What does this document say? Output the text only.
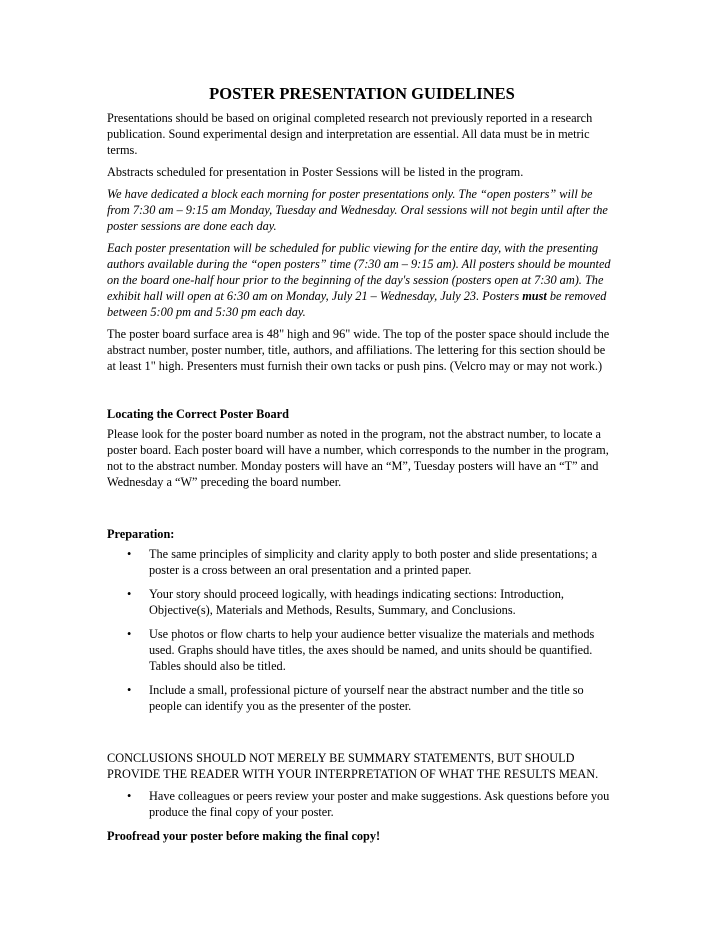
POSTER PRESENTATION GUIDELINES

Presentations should be based on original completed research not previously reported in a research publication. Sound experimental design and interpretation are essential. All data must be in metric terms.

Abstracts scheduled for presentation in Poster Sessions will be listed in the program.

We have dedicated a block each morning for poster presentations only. The “open posters” will be from 7:30 am – 9:15 am Monday, Tuesday and Wednesday. Oral sessions will not begin until after the poster sessions are done each day.

Each poster presentation will be scheduled for public viewing for the entire day, with the presenting authors available during the “open posters” time (7:30 am – 9:15 am). All posters should be mounted on the board one-half hour prior to the beginning of the day's session (posters open at 7:30 am). The exhibit hall will open at 6:30 am on Monday, July 21 – Wednesday, July 23. Posters must be removed between 5:00 pm and 5:30 pm each day.

The poster board surface area is 48" high and 96" wide. The top of the poster space should include the abstract number, poster number, title, authors, and affiliations. The lettering for this section should be at least 1" high. Presenters must furnish their own tacks or push pins. (Velcro may or may not work.)

Locating the Correct Poster Board

Please look for the poster board number as noted in the program, not the abstract number, to locate a poster board. Each poster board will have a number, which corresponds to the number in the program, not to the abstract number. Monday posters will have an “M”, Tuesday posters will have an “T” and Wednesday a “W” preceding the board number.

Preparation:

• The same principles of simplicity and clarity apply to both poster and slide presentations; a poster is a cross between an oral presentation and a printed paper.
• Your story should proceed logically, with headings indicating sections: Introduction, Objective(s), Materials and Methods, Results, Summary, and Conclusions.
• Use photos or flow charts to help your audience better visualize the materials and methods used. Graphs should have titles, the axes should be named, and units should be quantified. Tables should also be titled.
• Include a small, professional picture of yourself near the abstract number and the title so people can identify you as the presenter of the poster.

CONCLUSIONS SHOULD NOT MERELY BE SUMMARY STATEMENTS, BUT SHOULD PROVIDE THE READER WITH YOUR INTERPRETATION OF WHAT THE RESULTS MEAN.

• Have colleagues or peers review your poster and make suggestions. Ask questions before you produce the final copy of your poster.

Proofread your poster before making the final copy!
